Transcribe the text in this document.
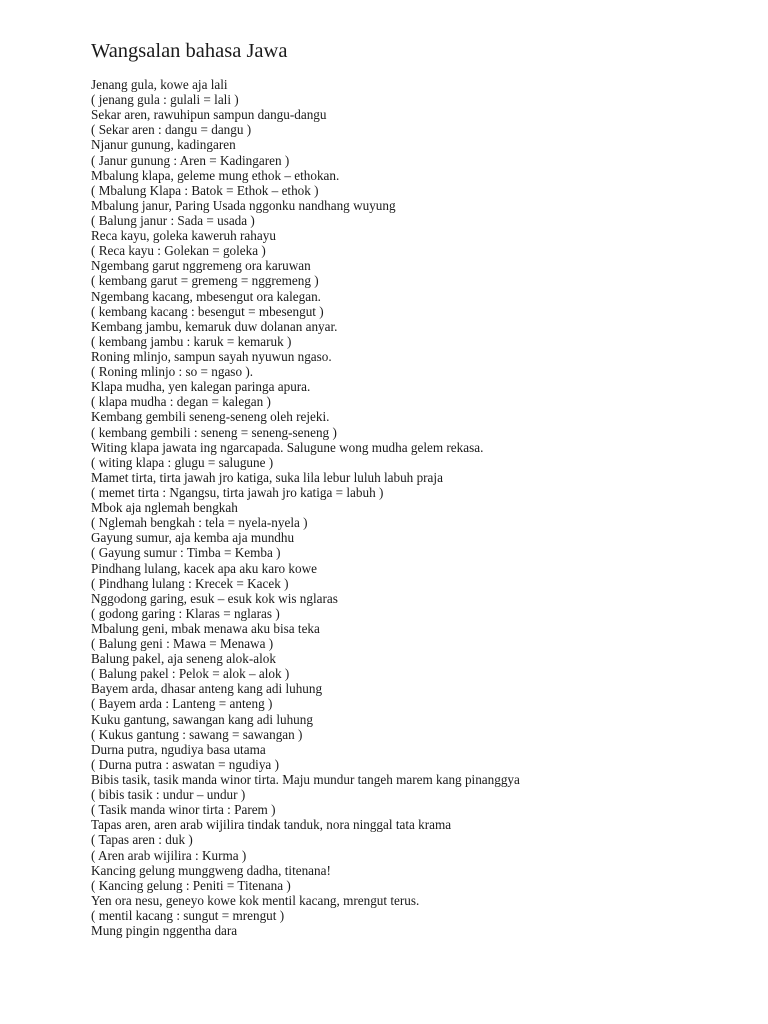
Wangsalan bahasa Jawa
Jenang gula, kowe aja lali
( jenang gula : gulali = lali )
Sekar aren, rawuhipun sampun dangu-dangu
( Sekar aren : dangu = dangu )
Njanur gunung, kadingaren
( Janur gunung : Aren = Kadingaren )
Mbalung klapa, geleme mung ethok – ethokan.
( Mbalung Klapa : Batok = Ethok – ethok )
Mbalung janur, Paring Usada nggonku nandhang wuyung
( Balung janur : Sada = usada )
Reca kayu, goleka kaweruh rahayu
( Reca kayu : Golekan = goleka )
Ngembang garut nggremeng ora karuwan
( kembang garut = gremeng = nggremeng )
Ngembang kacang, mbesengut ora kalegan.
( kembang kacang : besengut = mbesengut )
Kembang jambu, kemaruk duw dolanan anyar.
( kembang jambu : karuk = kemaruk )
Roning mlinjo, sampun sayah nyuwun ngaso.
( Roning mlinjo : so = ngaso ).
Klapa mudha, yen kalegan paringa apura.
( klapa mudha : degan = kalegan )
Kembang gembili seneng-seneng oleh rejeki.
( kembang gembili : seneng = seneng-seneng )
Witing klapa jawata ing ngarcapada. Salugune wong mudha gelem rekasa.
( witing klapa : glugu = salugune )
Mamet tirta, tirta jawah jro katiga, suka lila lebur luluh labuh praja
( memet tirta : Ngangsu, tirta jawah jro katiga = labuh )
Mbok aja nglemah bengkah
( Nglemah bengkah : tela = nyela-nyela )
Gayung sumur, aja kemba aja mundhu
( Gayung sumur : Timba = Kemba )
Pindhang lulang, kacek apa aku karo kowe
( Pindhang lulang : Krecek = Kacek )
Nggodong garing, esuk – esuk kok wis nglaras
( godong garing : Klaras = nglaras )
Mbalung geni, mbak menawa aku bisa teka
( Balung geni : Mawa = Menawa )
Balung pakel, aja seneng alok-alok
( Balung pakel : Pelok = alok – alok )
Bayem arda, dhasar anteng kang adi luhung
( Bayem arda : Lanteng = anteng )
Kuku gantung, sawangan kang adi luhung
( Kukus gantung : sawang = sawangan )
Durna putra, ngudiya basa utama
( Durna putra : aswatan = ngudiya )
Bibis tasik, tasik manda winor tirta. Maju mundur tangeh marem kang pinanggya
( bibis tasik : undur – undur )
( Tasik manda winor tirta : Parem )
Tapas aren, aren arab wijilira tindak tanduk, nora ninggal tata krama
( Tapas aren : duk )
( Aren arab wijilira : Kurma )
Kancing gelung munggweng dadha, titenana!
( Kancing gelung : Peniti = Titenana )
Yen ora nesu, geneyo kowe kok mentil kacang, mrengut terus.
( mentil kacang : sungut = mrengut )
Mung pingin nggentha dara
